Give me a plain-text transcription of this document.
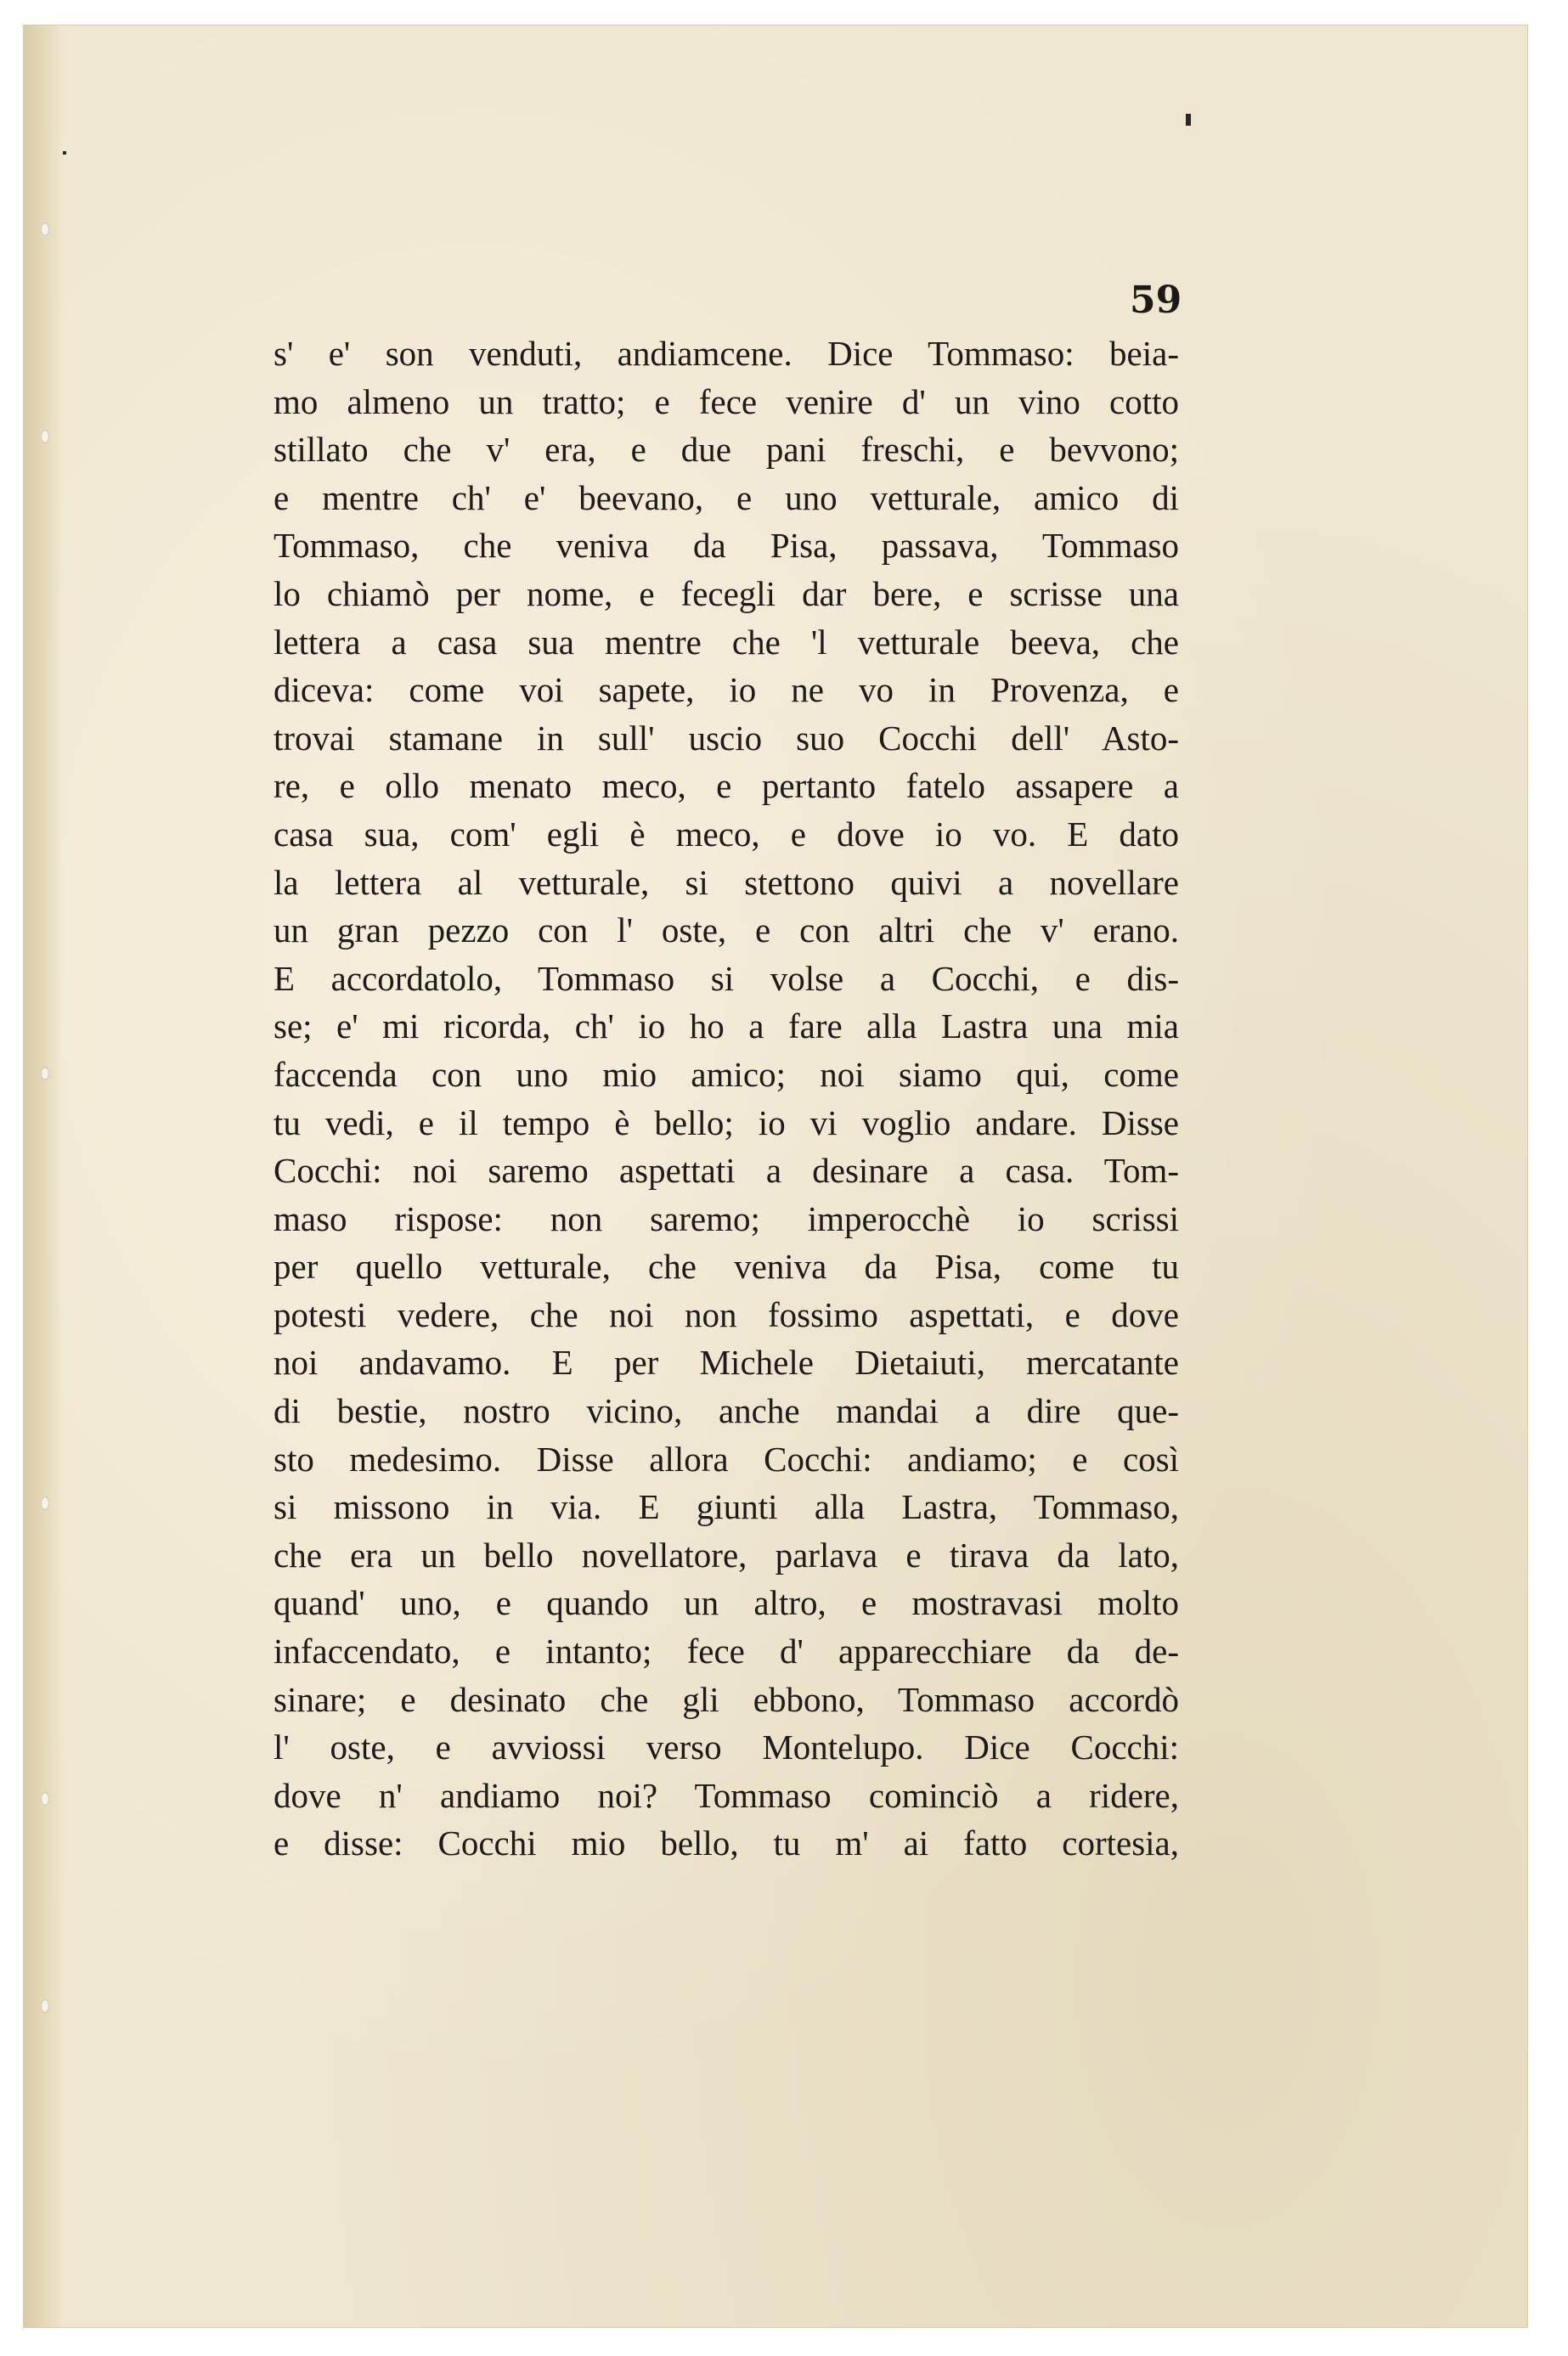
59
s' e' son venduti, andiamcene. Dice Tommaso: beia-
mo almeno un tratto; e fece venire d' un vino cotto
stillato che v' era, e due pani freschi, e bevvono;
e mentre ch' e' beevano, e uno vetturale, amico di
Tommaso, che veniva da Pisa, passava, Tommaso
lo chiamò per nome, e fecegli dar bere, e scrisse una
lettera a casa sua mentre che 'l vetturale beeva, che
diceva: come voi sapete, io ne vo in Provenza, e
trovai stamane in sull' uscio suo Cocchi dell' Asto-
re, e ollo menato meco, e pertanto fatelo assapere a
casa sua, com' egli è meco, e dove io vo. E dato
la lettera al vetturale, si stettono quivi a novellare
un gran pezzo con l' oste, e con altri che v' erano.
E accordatolo, Tommaso si volse a Cocchi, e dis-
se; e' mi ricorda, ch' io ho a fare alla Lastra una mia
faccenda con uno mio amico; noi siamo qui, come
tu vedi, e il tempo è bello; io vi voglio andare. Disse
Cocchi: noi saremo aspettati a desinare a casa. Tom-
maso rispose: non saremo; imperocchè io scrissi
per quello vetturale, che veniva da Pisa, come tu
potesti vedere, che noi non fossimo aspettati, e dove
noi andavamo. E per Michele Dietaiuti, mercatante
di bestie, nostro vicino, anche mandai a dire que-
sto medesimo. Disse allora Cocchi: andiamo; e così
si missono in via. E giunti alla Lastra, Tommaso,
che era un bello novellatore, parlava e tirava da lato,
quand' uno, e quando un altro, e mostravasi molto
infaccendato, e intanto; fece d' apparecchiare da de-
sinare; e desinato che gli ebbono, Tommaso accordò
l' oste, e avviossi verso Montelupo. Dice Cocchi:
dove n' andiamo noi? Tommaso cominciò a ridere,
e disse: Cocchi mio bello, tu m' ai fatto cortesia,
